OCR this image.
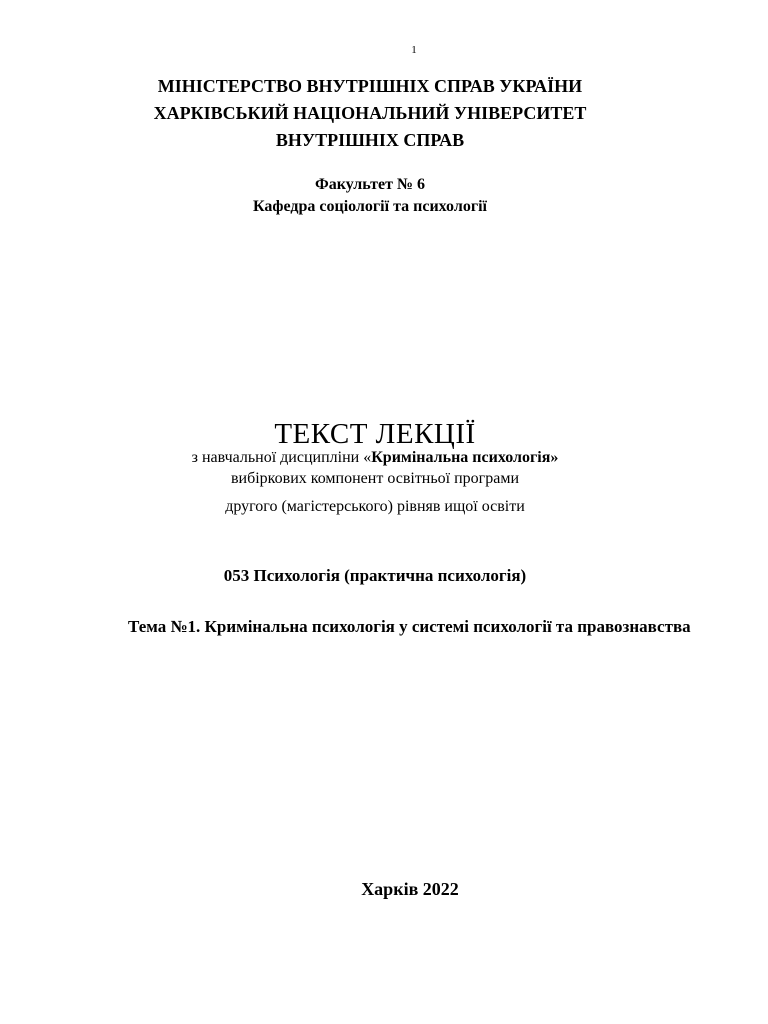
1
МІНІСТЕРСТВО ВНУТРІШНІХ СПРАВ УКРАЇНИ
ХАРКІВСЬКИЙ НАЦІОНАЛЬНИЙ УНІВЕРСИТЕТ
ВНУТРІШНІХ СПРАВ
Факультет № 6
Кафедра соціології та психології
ТЕКСТ ЛЕКЦІЇ
з навчальної дисципліни «Кримінальна психологія»
вибіркових компонент освітньої програми
другого (магістерського) рівняв ищої освіти
053 Психологія (практична психологія)
Тема №1. Кримінальна психологія у системі психології та правознавства
Харків 2022
